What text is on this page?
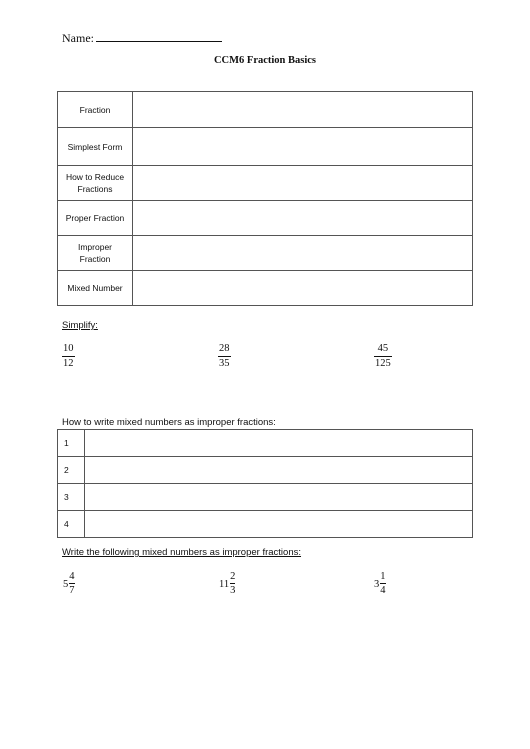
Name:
CCM6 Fraction Basics
Fraction	
Simplest Form	
How to Reduce
Fractions	
Proper Fraction	
Improper
Fraction	
Mixed Number	
Simplify:
$\frac{10}{12}$	$\frac{28}{35}$	$\frac{45}{125}$
How to write mixed numbers as improper fractions:
1	
2	
3	
4	
Write the following mixed numbers as improper fractions:
$5 \frac{4}{7}$	$11 \frac{2}{3}$	$3 \frac{1}{4}$
